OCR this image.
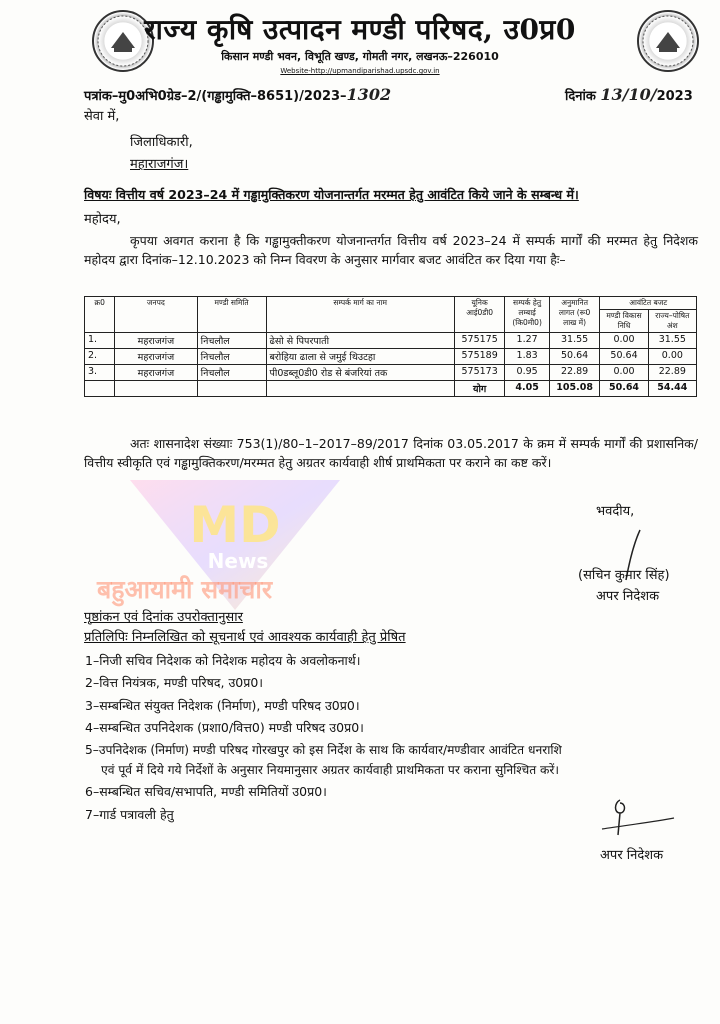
राज्य कृषि उत्पादन मण्डी परिषद, उ0प्र0
किसान मण्डी भवन, विभूति खण्ड, गोमती नगर, लखनऊ–226010
Website-http://upmandiparishad.upsdc.gov.in
पत्रांक–मु0अभि0ग्रेड–2/(गड्ढामुक्ति–8651)/2023–1302	दिनांक 13/10/2023
सेवा में,
जिलाधिकारी,
महाराजगंज।
विषयः वित्तीय वर्ष 2023–24 में गड्ढामुक्तिकरण योजनान्तर्गत मरम्मत हेतु आवंटित किये जाने के सम्बन्ध में।
महोदय,
कृपया अवगत कराना है कि गड्ढामुक्तीकरण योजनान्तर्गत वित्तीय वर्ष 2023–24 में सम्पर्क मार्गों की मरम्मत हेतु निदेशक महोदय द्वारा दिनांक–12.10.2023 को निम्न विवरण के अनुसार मार्गवार बजट आवंटित कर दिया गया हैः–
क्र0	जनपद	मण्डी समिति	सम्पर्क मार्ग का नाम	यूनिक आई0डी0	सम्पर्क हेतु लम्बाई (कि0मी0)	अनुमानित लागत (रू0 लाख में)	आवंटित बजट	
							मण्डी विकास निधि	राज्य–पोषित अंश
1.	महराजगंज	निचलौल	ढेसो से पिपरपाती	575175	1.27	31.55	0.00	31.55
2.	महराजगंज	निचलौल	बरोहिया ढाला से जमुई थिउटहा	575189	1.83	50.64	50.64	0.00
3.	महराजगंज	निचलौल	पी0डब्लू0डी0 रोड से बंजरियां तक	575173	0.95	22.89	0.00	22.89
				योग	4.05	105.08	50.64	54.44
अतः शासनादेश संख्याः 753(1)/80–1–2017–89/2017 दिनांक 03.05.2017 के क्रम में सम्पर्क मार्गों की प्रशासनिक/वित्तीय स्वीकृति एवं गड्ढामुक्तिकरण/मरम्मत हेतु अग्रतर कार्यवाही शीर्ष प्राथमिकता पर कराने का कष्ट करें।
MD
News
बहुआयामी समाचार
भवदीय,
(सचिन कुमार सिंह)
अपर निदेशक
पृष्ठांकन एवं दिनांक उपरोक्तानुसार
प्रतिलिपिः निम्नलिखित को सूचनार्थ एवं आवश्यक कार्यवाही हेतु प्रेषित
1–निजी सचिव निदेशक को निदेशक महोदय के अवलोकनार्थ।
2–वित्त नियंत्रक, मण्डी परिषद, उ0प्र0।
3–सम्बन्धित संयुक्त निदेशक (निर्माण), मण्डी परिषद उ0प्र0।
4–सम्बन्धित उपनिदेशक (प्रशा0/वित्त0) मण्डी परिषद उ0प्र0।
5–उपनिदेशक (निर्माण) मण्डी परिषद गोरखपुर को इस निर्देश के साथ कि कार्यवार/मण्डीवार आवंटित धनराशि
एवं पूर्व में दिये गये निर्देशों के अनुसार नियमानुसार अग्रतर कार्यवाही प्राथमिकता पर कराना सुनिश्चित करें।
6–सम्बन्धित सचिव/सभापति, मण्डी समितियों उ0प्र0।
7–गार्ड पत्रावली हेतु
अपर निदेशक
